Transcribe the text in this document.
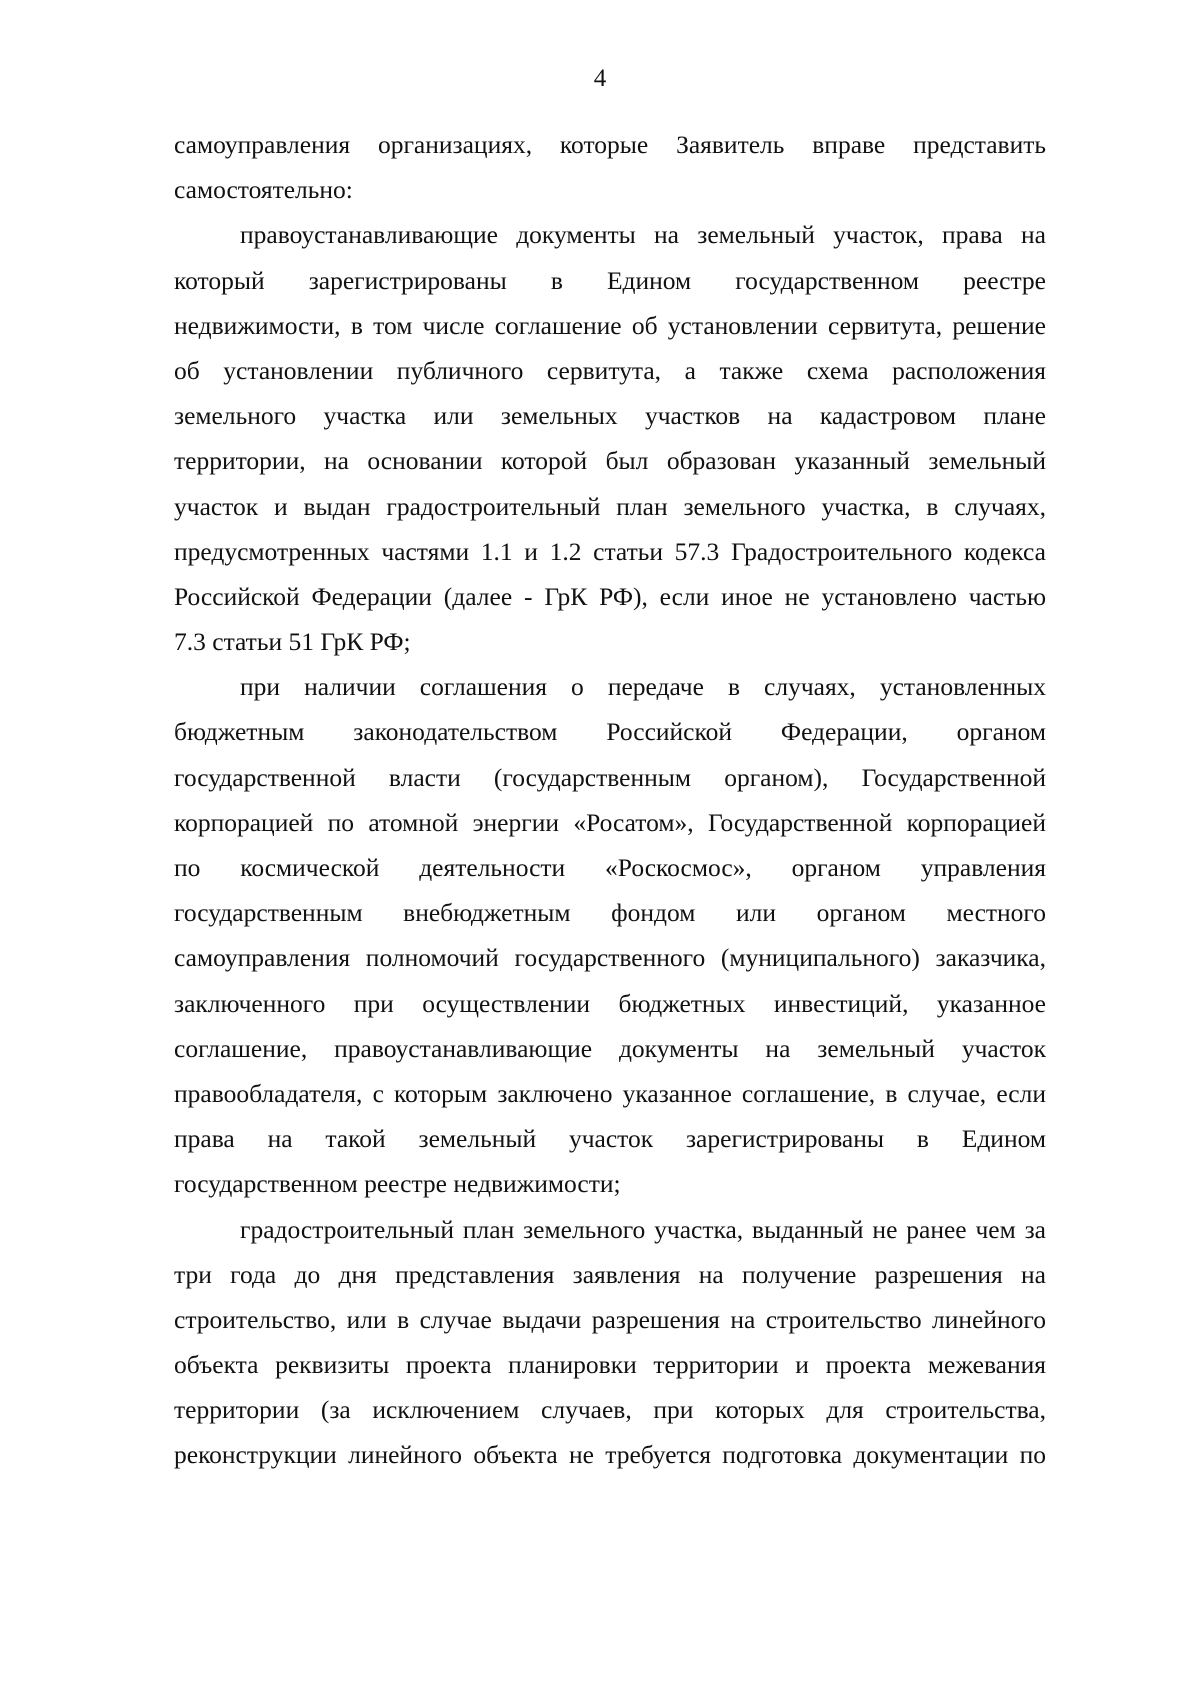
4
самоуправления организациях, которые Заявитель вправе представить
самостоятельно:
правоустанавливающие документы на земельный участок, права на
который зарегистрированы в Едином государственном реестре
недвижимости, в том числе соглашение об установлении сервитута, решение
об установлении публичного сервитута, а также схема расположения
земельного участка или земельных участков на кадастровом плане
территории, на основании которой был образован указанный земельный
участок и выдан градостроительный план земельного участка, в случаях,
предусмотренных частями 1.1 и 1.2 статьи 57.3 Градостроительного кодекса
Российской Федерации (далее - ГрК РФ), если иное не установлено частью
7.3 статьи 51 ГрК РФ;
при наличии соглашения о передаче в случаях, установленных
бюджетным законодательством Российской Федерации, органом
государственной власти (государственным органом), Государственной
корпорацией по атомной энергии «Росатом», Государственной корпорацией
по космической деятельности «Роскосмос», органом управления
государственным внебюджетным фондом или органом местного
самоуправления полномочий государственного (муниципального) заказчика,
заключенного при осуществлении бюджетных инвестиций, указанное
соглашение, правоустанавливающие документы на земельный участок
правообладателя, с которым заключено указанное соглашение, в случае, если
права на такой земельный участок зарегистрированы в Едином
государственном реестре недвижимости;
градостроительный план земельного участка, выданный не ранее чем за
три года до дня представления заявления на получение разрешения на
строительство, или в случае выдачи разрешения на строительство линейного
объекта реквизиты проекта планировки территории и проекта межевания
территории (за исключением случаев, при которых для строительства,
реконструкции линейного объекта не требуется подготовка документации по
